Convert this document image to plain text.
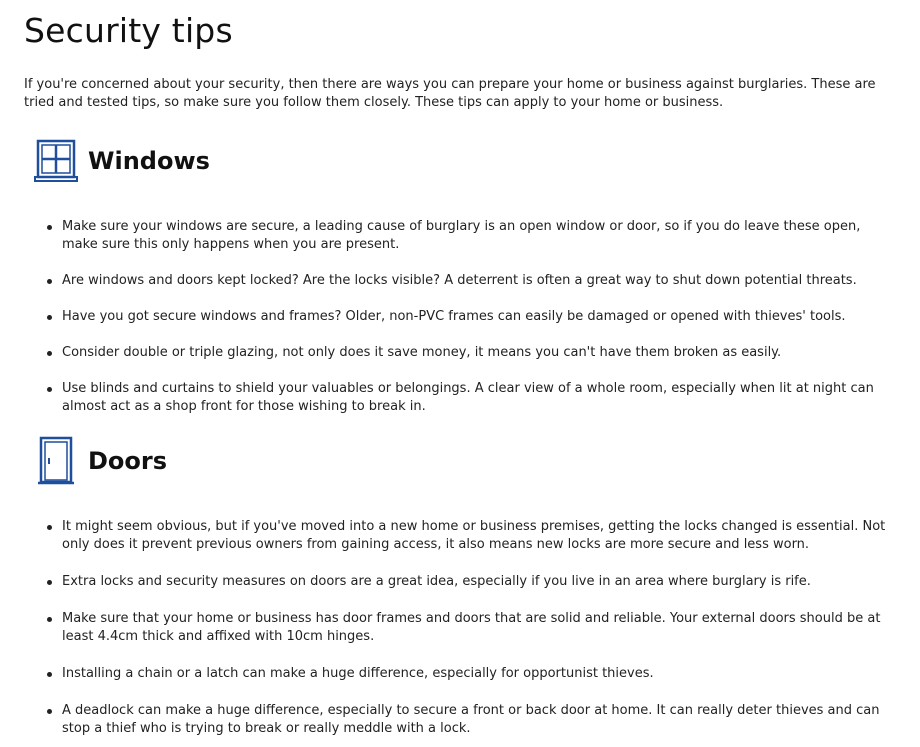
Security tips

If you're concerned about your security, then there are ways you can prepare your home or business against burglaries. These are tried and tested tips, so make sure you follow them closely. These tips can apply to your home or business.

Windows
Make sure your windows are secure, a leading cause of burglary is an open window or door, so if you do leave these open, make sure this only happens when you are present.
Are windows and doors kept locked? Are the locks visible? A deterrent is often a great way to shut down potential threats.
Have you got secure windows and frames? Older, non-PVC frames can easily be damaged or opened with thieves' tools.
Consider double or triple glazing, not only does it save money, it means you can't have them broken as easily.
Use blinds and curtains to shield your valuables or belongings. A clear view of a whole room, especially when lit at night can almost act as a shop front for those wishing to break in.
Doors
It might seem obvious, but if you've moved into a new home or business premises, getting the locks changed is essential. Not only does it prevent previous owners from gaining access, it also means new locks are more secure and less worn.
Extra locks and security measures on doors are a great idea, especially if you live in an area where burglary is rife.
Make sure that your home or business has door frames and doors that are solid and reliable. Your external doors should be at least 4.4cm thick and affixed with 10cm hinges.
Installing a chain or a latch can make a huge difference, especially for opportunist thieves.
A deadlock can make a huge difference, especially to secure a front or back door at home. It can really deter thieves and can stop a thief who is trying to break or really meddle with a lock.
